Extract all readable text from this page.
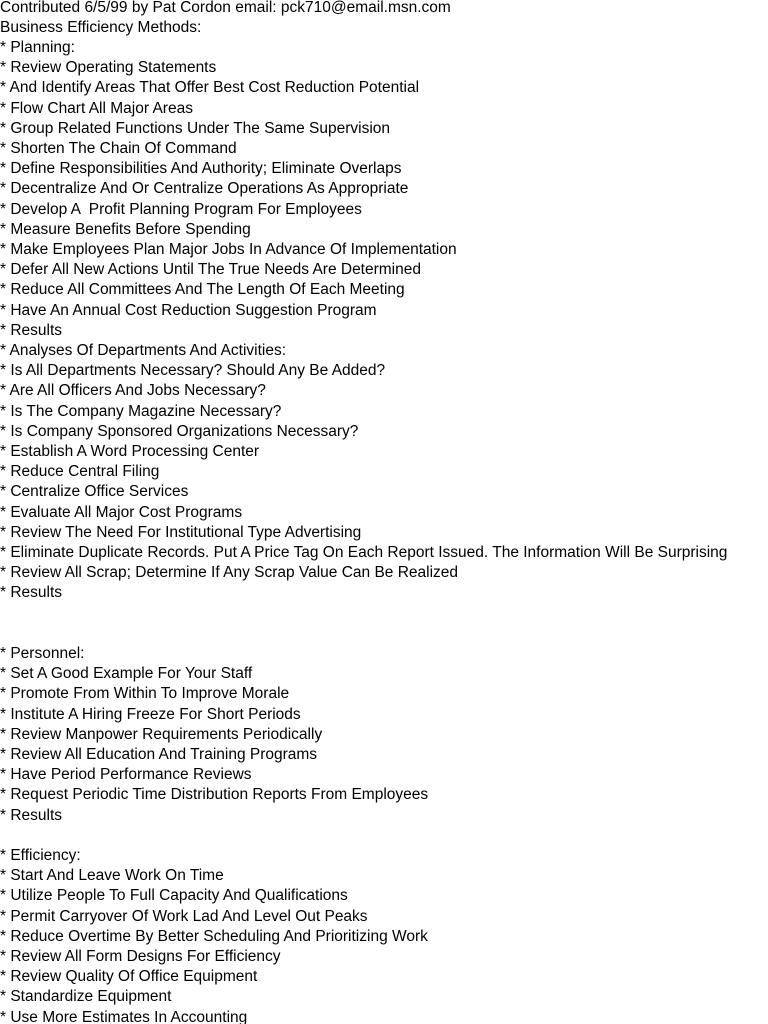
Contributed 6/5/99 by Pat Cordon email: pck710@email.msn.com
Business Efficiency Methods:
* Planning:
* Review Operating Statements
* And Identify Areas That Offer Best Cost Reduction Potential
* Flow Chart All Major Areas
* Group Related Functions Under The Same Supervision
* Shorten The Chain Of Command
* Define Responsibilities And Authority; Eliminate Overlaps
* Decentralize And Or Centralize Operations As Appropriate
* Develop A  Profit Planning Program For Employees
* Measure Benefits Before Spending
* Make Employees Plan Major Jobs In Advance Of Implementation
* Defer All New Actions Until The True Needs Are Determined
* Reduce All Committees And The Length Of Each Meeting
* Have An Annual Cost Reduction Suggestion Program
* Results
* Analyses Of Departments And Activities:
* Is All Departments Necessary? Should Any Be Added?
* Are All Officers And Jobs Necessary?
* Is The Company Magazine Necessary?
* Is Company Sponsored Organizations Necessary?
* Establish A Word Processing Center
* Reduce Central Filing
* Centralize Office Services
* Evaluate All Major Cost Programs
* Review The Need For Institutional Type Advertising
* Eliminate Duplicate Records. Put A Price Tag On Each Report Issued. The Information Will Be Surprising
* Review All Scrap; Determine If Any Scrap Value Can Be Realized
* Results
* Personnel:
* Set A Good Example For Your Staff
* Promote From Within To Improve Morale
* Institute A Hiring Freeze For Short Periods
* Review Manpower Requirements Periodically
* Review All Education And Training Programs
* Have Period Performance Reviews
* Request Periodic Time Distribution Reports From Employees
* Results
* Efficiency:
* Start And Leave Work On Time
* Utilize People To Full Capacity And Qualifications
* Permit Carryover Of Work Lad And Level Out Peaks
* Reduce Overtime By Better Scheduling And Prioritizing Work
* Review All Form Designs For Efficiency
* Review Quality Of Office Equipment
* Standardize Equipment
* Use More Estimates In Accounting
